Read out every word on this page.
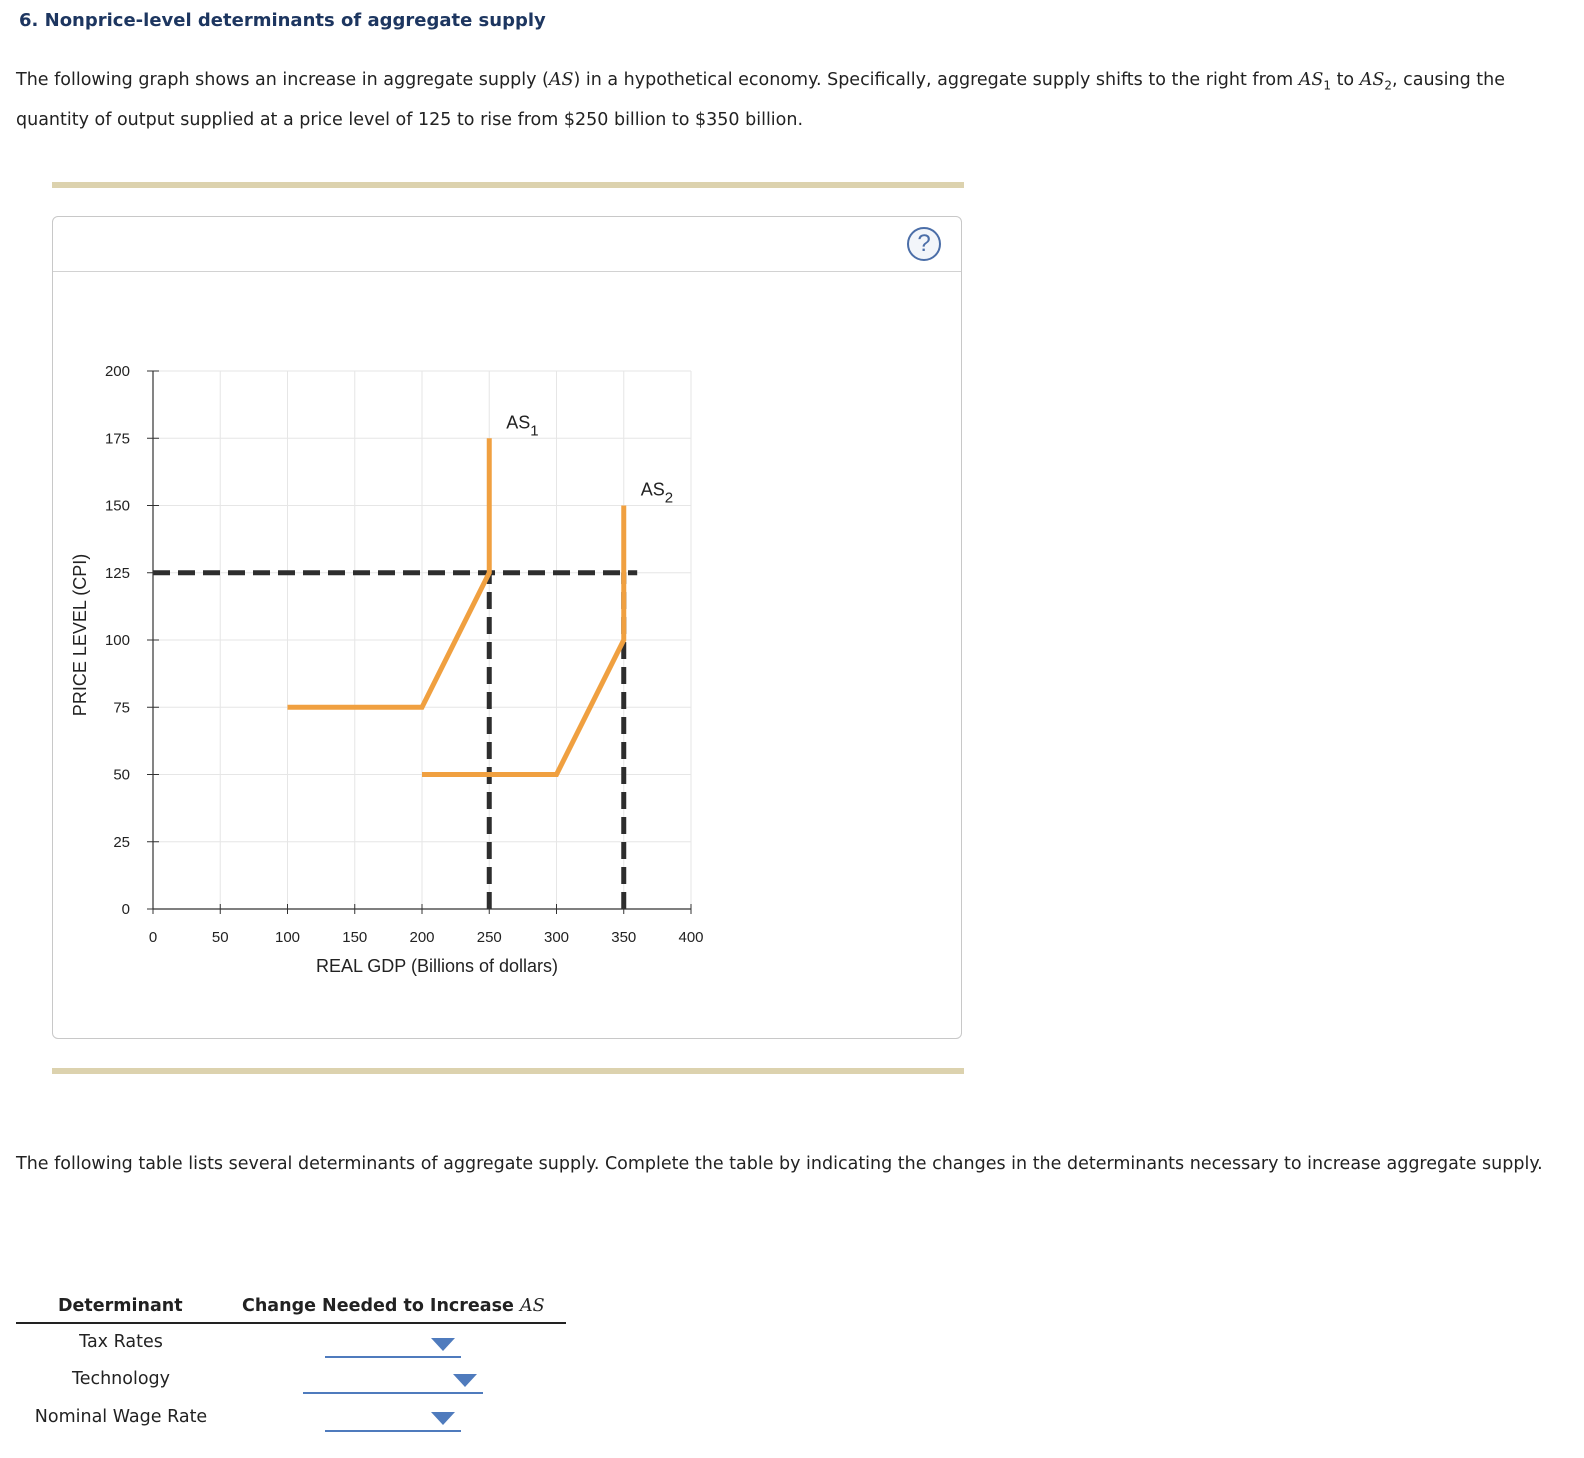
6. Nonprice-level determinants of aggregate supply
The following graph shows an increase in aggregate supply (AS) in a hypothetical economy. Specifically, aggregate supply shifts to the right from $AS_1$ to $AS_2$, causing the quantity of output supplied at a price level of 125 to rise from $250 billion to $350 billion.
?
$AS_1$
$AS_2$
0	50	100	150	200	250	300	350	400
0
25
50
75
100
125
150
175
200
REAL GDP (Billions of dollars)
PRICE LEVEL (CPI)
The following table lists several determinants of aggregate supply. Complete the table by indicating the changes in the determinants necessary to increase aggregate supply.
Determinant	Change Needed to Increase AS
Tax Rates
Technology
Nominal Wage Rate
